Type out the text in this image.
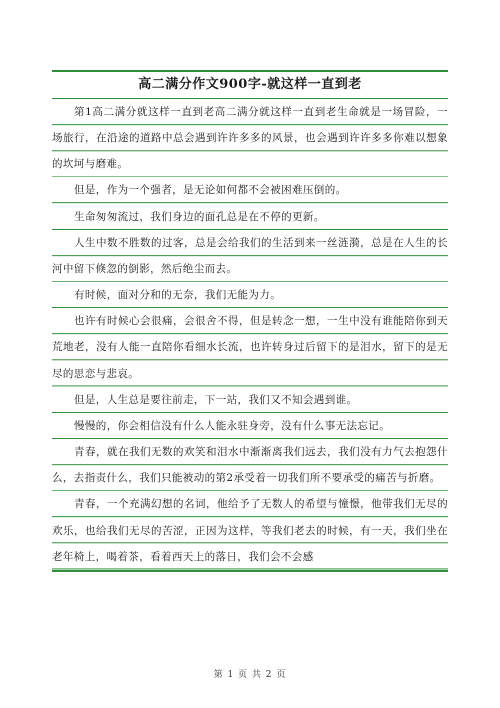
高二满分作文900字-就这样一直到老

第1高二满分就这样一直到老高二满分就这样一直到老生命就是一场冒险，一场旅行，在沿途的道路中总会遇到许许多多的风景，也会遇到许许多多你难以想象的坎坷与磨难。

但是，作为一个强者，是无论如何都不会被困难压倒的。

生命匆匆流过，我们身边的面孔总是在不停的更新。

人生中数不胜数的过客，总是会给我们的生活到来一丝涟漪，总是在人生的长河中留下倏忽的倒影，然后绝尘而去。

有时候，面对分和的无奈，我们无能为力。

也许有时候心会很痛，会很舍不得，但是转念一想，一生中没有谁能陪你到天荒地老，没有人能一直陪你看细水长流，也许转身过后留下的是泪水，留下的是无尽的思恋与悲哀。

但是，人生总是要往前走，下一站，我们又不知会遇到谁。

慢慢的，你会相信没有什么人能永驻身旁，没有什么事无法忘记。

青春，就在我们无数的欢笑和泪水中渐渐离我们远去，我们没有力气去抱怨什么，去指责什么，我们只能被动的第2承受着一切我们所不要承受的痛苦与折磨。

青春，一个充满幻想的名词，他给予了无数人的希望与憧憬，他带我们无尽的欢乐，也给我们无尽的苦涩，正因为这样，等我们老去的时候，有一天，我们坐在老年椅上，喝着茶，看着西天上的落日，我们会不会感

第 1 页 共 2 页
